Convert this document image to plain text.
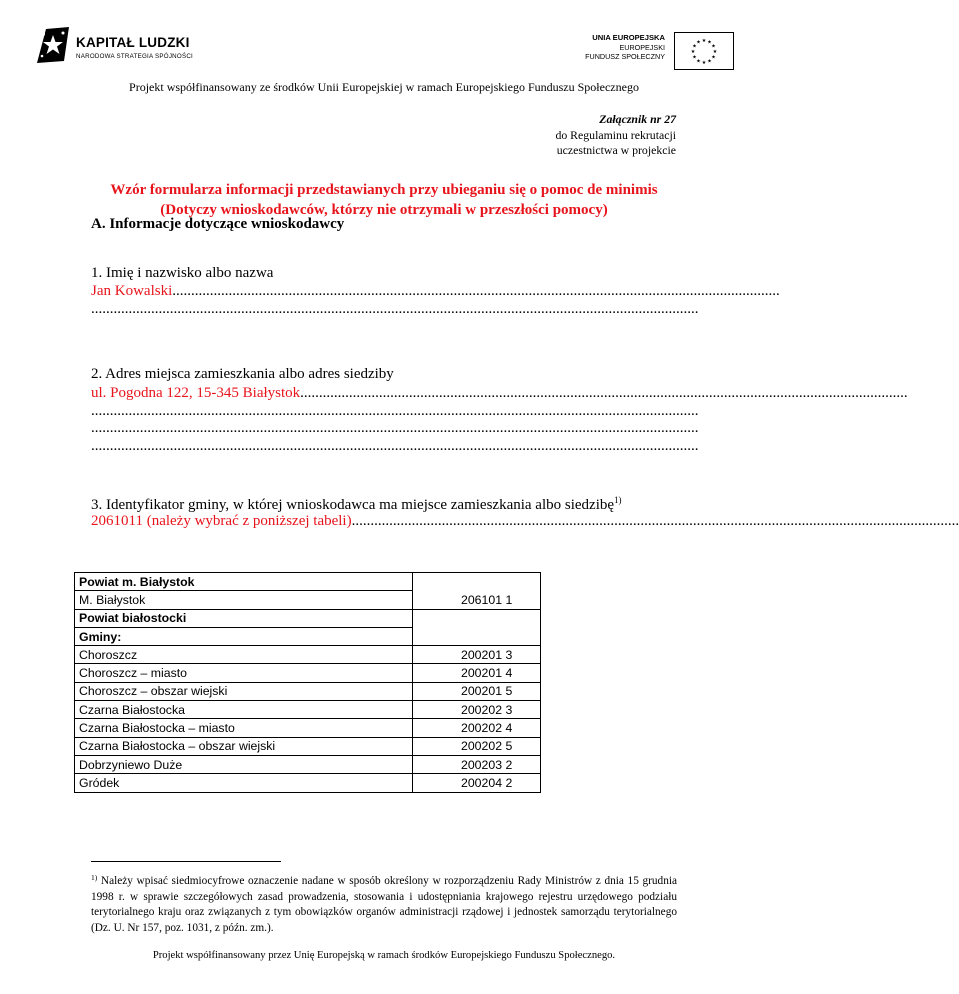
KAPITAŁ LUDZKI
NARODOWA STRATEGIA SPÓJNOŚCI
UNIA EUROPEJSKA
EUROPEJSKI
FUNDUSZ SPOŁECZNY
★
★
★
★
★
★
★
★
★ ★ ★
★
Projekt współfinansowany ze środków Unii Europejskiej w ramach Europejskiego Funduszu Społecznego
Załącznik nr 27
do Regulaminu rekrutacji
uczestnictwa w projekcie
Wzór formularza informacji przedstawianych przy ubieganiu się o pomoc de minimis
(Dotyczy wnioskodawców, którzy nie otrzymali w przeszłości pomocy)
A. Informacje dotyczące wnioskodawcy
1. Imię i nazwisko albo nazwa
Jan Kowalski..................................................................................................................................................................
..................................................................................................................................................................
2. Adres miejsca zamieszkania albo adres siedziby
ul. Pogodna 122, 15-345 Białystok..................................................................................................................................................................
..................................................................................................................................................................
..................................................................................................................................................................
..................................................................................................................................................................
3. Identyfikator gminy, w której wnioskodawca ma miejsce zamieszkania albo siedzibę$^{1)}$
2061011 (należy wybrać z poniższej tabeli)..................................................................................................................................................................
Powiat m. Białystok	
M. Białystok	206101 1
Powiat białostocki	
Gminy:	
Choroszcz	200201 3
Choroszcz – miasto	200201 4
Choroszcz – obszar wiejski	200201 5
Czarna Białostocka	200202 3
Czarna Białostocka – miasto	200202 4
Czarna Białostocka – obszar wiejski	200202 5
Dobrzyniewo Duże	200203 2
Gródek	200204 2
$^{1)}$ Należy wpisać siedmiocyfrowe oznaczenie nadane w sposób określony w rozporządzeniu Rady Ministrów z dnia 15 grudnia 1998 r. w sprawie szczegółowych zasad prowadzenia, stosowania i udostępniania krajowego rejestru urzędowego podziału terytorialnego kraju oraz związanych z tym obowiązków organów administracji rządowej i jednostek samorządu terytorialnego (Dz. U. Nr 157, poz. 1031, z późn. zm.).
Projekt współfinansowany przez Unię Europejską w ramach środków Europejskiego Funduszu Społecznego.
